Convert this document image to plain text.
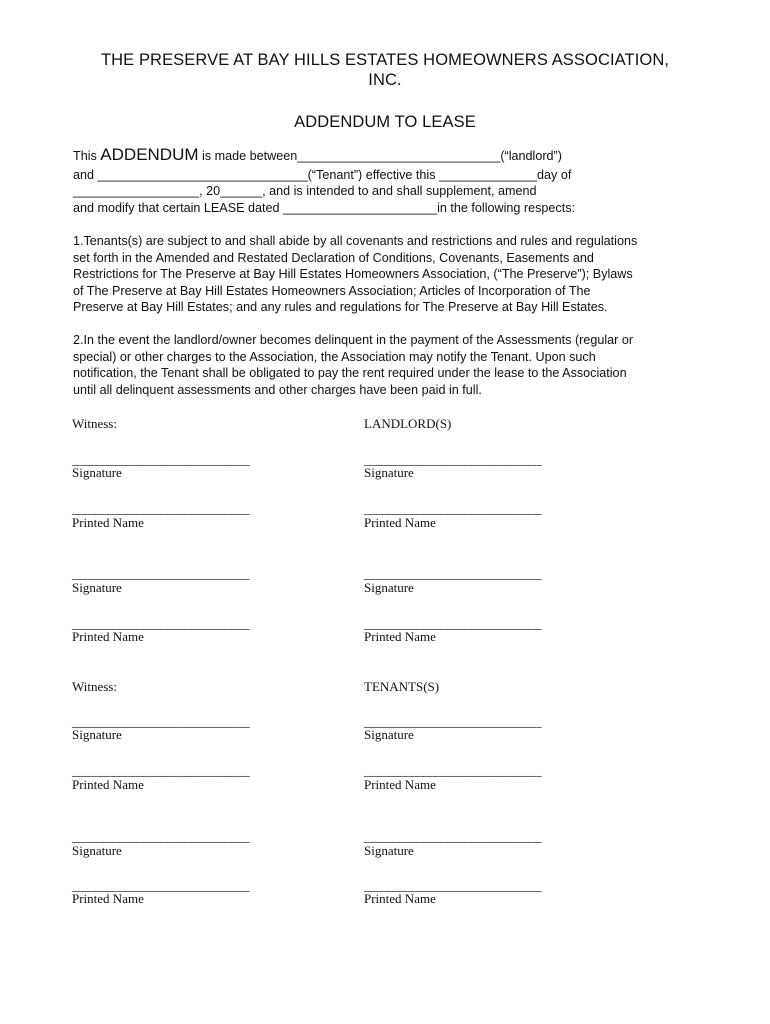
THE PRESERVE AT BAY HILLS ESTATES HOMEOWNERS ASSOCIATION,
INC.
ADDENDUM TO LEASE
This ADDENDUM is made between_____________________________(“landlord”)
and ______________________________(“Tenant”) effective this ______________day of
__________________, 20______, and is intended to and shall supplement, amend
and modify that certain LEASE dated ______________________in the following respects:
1.Tenants(s) are subject to and shall abide by all covenants and restrictions and rules and regulations
set forth in the Amended and Restated Declaration of Conditions, Covenants, Easements and
Restrictions for The Preserve at Bay Hill Estates Homeowners Association, (“The Preserve”); Bylaws
of The Preserve at Bay Hill Estates Homeowners Association; Articles of Incorporation of The
Preserve at Bay Hill Estates; and any rules and regulations for The Preserve at Bay Hill Estates.
2.In the event the landlord/owner becomes delinquent in the payment of the Assessments (regular or
special) or other charges to the Association, the Association may notify the Tenant. Upon such
notification, the Tenant shall be obligated to pay the rent required under the lease to the Association
until all delinquent assessments and other charges have been paid in full.
Witness:	LANDLORD(S)
______________________________	______________________________
Signature	Signature
______________________________	______________________________
Printed Name	Printed Name
______________________________	______________________________
Signature	Signature
______________________________	______________________________
Printed Name	Printed Name
Witness:	TENANTS(S)
______________________________	______________________________
Signature	Signature
______________________________	______________________________
Printed Name	Printed Name
______________________________	______________________________
Signature	Signature
______________________________	______________________________
Printed Name	Printed Name
